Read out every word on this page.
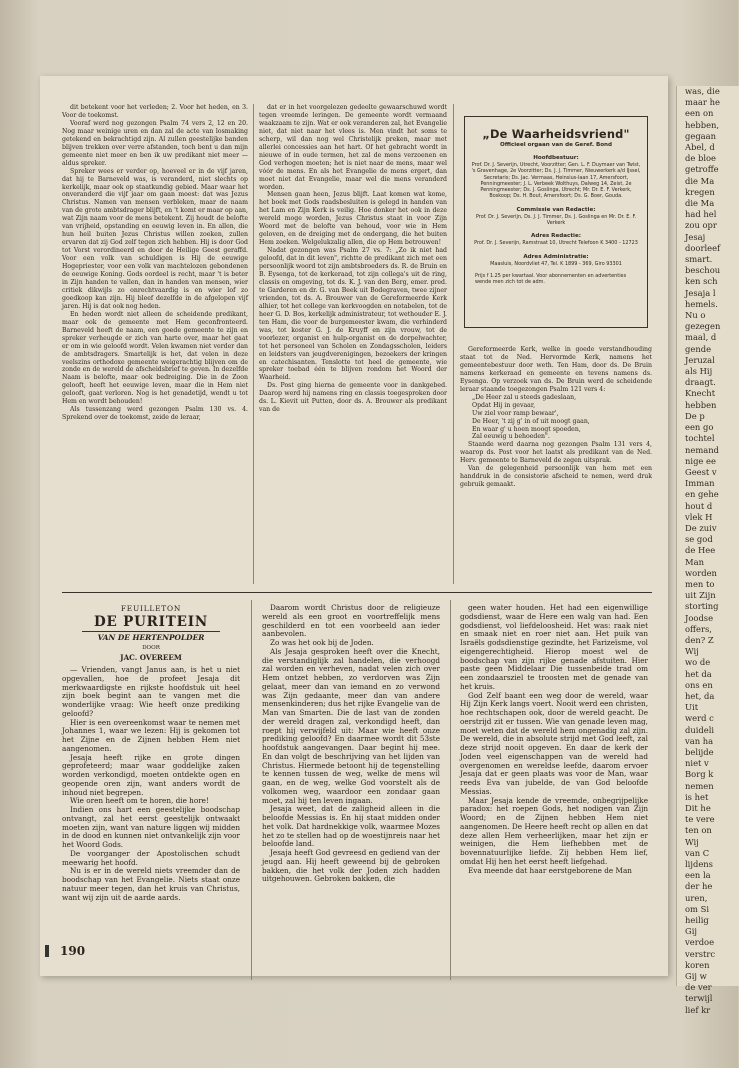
was, die
maar he
een on
hebben,
gegaan
Abel, d
de bloe
getroffe
die Ma
kregen
die Ma
had hel
zou opr
Jesaj
doorleef
smart.
beschou
ken sch
Jesaja l
hemels.
Nu o
gezegen
maal, d
gende
Jeruzal
als Hij
draagt.
Knecht
hebben
De p
een go
tochtel
nemand
nige ee
Geest v
Imman
en gehe
hout d
vlek H
De zuiv
se god
de Hee
Man
worden
men to
uit Zijn
storting
Joodse
offers,
den? Z
Wij
wo de
het da
ons en
het, da
Uit
werd c
duideli
van ha
belijde
niet v
Borg k
nemen
is het
Dit he
te vere
ten on
Wij
van C
lijdens
een la
der he
uren,
om Si
heilig
Gij
verdoe
verstrc
koren
Gij w
de ver
terwijl
lief kr

dit betekent voor het verleden; 2. Voor het heden, en 3. Voor de toekomst.

Vooraf werd nog gezongen Psalm 74 vers 2, 12 en 20. Nog maar weinige uren en dan zal de acte van losmaking getekend en bekrachtigd zijn. Al zullen geestelijke banden blijven trekken over verre afstanden, toch bent u dan mijn gemeente niet meer en ben ik uw predikant niet meer — aldus spreker.

Spreker wees er verder op, hoeveel er in de vijf jaren, dat hij te Barneveld was, is veranderd, niet slechts op kerkelijk, maar ook op staatkundig gebied. Maar waar het onveranderd die vijf jaar om gaan moest: dat was Jezus Christus. Namen van mensen verbleken, maar de naam van de grote ambtsdrager blijft, en 't komt er maar op aan, wat Zijn naam voor de mens betekent. Zij houdt de belofte van vrijheid, opstanding en eeuwig leven in. En allen, die hun heil buiten Jezus Christus willen zoeken, zullen ervaren dat zij God zelf tegen zich hebben. Hij is door God tot Vorst verordineerd en door de Heilige Geest geraffd. Voor een volk van schuldigen is Hij de eeuwige Hogepriester, voor een volk van machtelozen gebondenen de eeuwige Koning. Gods oordeel is recht, maar 't is beter in Zijn handen te vallen, dan in handen van mensen, wier critiek dikwijls zo onrechtvaardig is en wier lof zo goedkoop kan zijn. Hij bleef dezelfde in de afgelopen vijf jaren. Hij is dat ook nog heden.

En heden wordt niet alleen de scheidende predikant, maar ook de gemeente met Hem geconfronteerd. Barneveld heeft de naam, een goede gemeente te zijn en spreker verheugde er zich van harte over, maar het gaat er om in wie geloofd wordt. Velen kwamen niet verder dan de ambtsdragers. Smartelijk is het, dat velen in deze veelszins orthodoxe gemeente weigerachtig blijven om de zonde en de wereld de afscheidsbrief te geven. In dezelfde Naam is belofte, maar ook bedreiging. Die in de Zoon gelooft, heeft het eeuwige leven, maar die in Hem niet gelooft, gaat verloren. Nog is het genadetijd, wendt u tot Hem en wordt behouden!

Als tussenzang werd gezongen Psalm 130 vs. 4. Sprekend over de toekomst, zeide de leraar,

dat er in het voorgelezen gedeelte gewaarschuwd wordt tegen vreemde leringen. De gemeente wordt vermaand waakzaam te zijn. Wat er ook veranderen zal, het Evangelie niet, dat niet naar het vlees is. Men vindt het soms te scherp, wil dan nog wel Christelijk preken, maar met allerlei concessies aan het hart. Of het gebracht wordt in nieuwe of in oude termen, het zal de mens verzoenen en God verhogen moeten; het is niet naar de mens, maar wel vóór de mens. En als het Evangelie de mens ergert, dan moet niet dat Evangelie, maar wel die mens veranderd worden.

Mensen gaan heen, Jezus blijft. Laat komen wat kome, het boek met Gods raadsbesluiten is gelegd in handen van het Lam en Zijn Kerk is veilig. Hoe donker het ook in deze wereld moge worden, Jezus Christus staat in voor Zijn Woord met de belofte van behoud, voor wie in Hem geloven, en de dreiging met de ondergang, die het buiten Hem zoeken. Welgelukzalig allen, die op Hem betrouwen!

Nadat gezongen was Psalm 27 vs. 7: „Zo ik niet had geloofd, dat in dit leven", richtte de predikant zich met een persoonlijk woord tot zijn ambtsbroeders ds. R. de Bruin en B. Eysenga, tot de kerkeraad, tot zijn collega's uit de ring, classis en omgeving, tot ds. K. J. van den Berg, emer. pred. te Garderen en dr. G. van Beek uit Bodegraven, twee zijner vrienden, tot ds. A. Brouwer van de Gereformeerde Kerk alhier, tot het college van kerkvoogden en notabelen, tot de heer G. D. Bos, kerkelijk administrateur, tot wethouder E. J. ten Ham, die voor de burgemeester kwam, die verhinderd was, tot koster G. J. de Kruyff en zijn vrouw, tot de voorlezer, organist en hulp-organist en de dorpelwachter, tot het personeel van Scholen en Zondagsscholen, leiders en leidsters van jeugdverenigingen, bezoekers der kringen en catechisanten. Tenslotte tot heel de gemeente, wie spreker toebad één te blijven rondom het Woord der Waarheid.

Ds. Post ging hierna de gemeente voor in dankgebed. Daarop werd hij namens ring en classis toegesproken door ds. L. Kievit uit Putten, door ds. A. Brouwer als predikant van de

„De Waarheidsvriend"
Officieel orgaan van de Geref. Bond
Hoofdbestuur:
Prof. Dr. J. Severijn, Utrecht, Voorzitter; Gen. L. F. Duymaer van Twist, 's Gravenhage, 2e Voorzitter; Ds. J. J. Timmer, Nieuwerkerk a/d IJssel, Secretaris; Ds. Jac. Vermaas, Heinsius-laan 17, Amersfoort, Penningmeester; J. L. Verbeek Wolthuys, Dalweg 14, Zeist, 2e Penningmeester; Ds. J. Goslinga, Utrecht; Mr. Dr. E. F. Verkerk, Boskoop; Ds. H. Bout, Amersfoort; Ds. G. Boer, Gouda.
Commissie van Redactie:
Prof. Dr. J. Severijn, Ds. J. J. Timmer, Ds. J. Goslinga en Mr. Dr. E. F. Verkerk
Adres Redactie:
Prof. Dr. J. Severijn, Ramstraat 10, Utrecht Telefoon K 3400 - 12723
Adres Administratie:
Maasluis, Noordvliet 47, Tel. K 1899 - 369, Giro 93301
Prijs f 1.25 per kwartaal. Voor abonnementen en advertenties wende men zich tot de adm.

Gereformeerde Kerk, welke in goede verstandhouding staat tot de Ned. Hervormde Kerk, namens het gemeentebestuur door weth. Ten Ham, door ds. De Bruin namens kerkeraad en gemeente en tevens namens ds. Eysenga. Op verzoek van ds. De Bruin werd de scheidende leraar staande toegezongen Psalm 121 vers 4:

„De Heer zal u steeds gadeslaan,

Opdat Hij in gevaar,

Uw ziel voor ramp bewaar',

De Heer, 't zij g' in of uit moogt gaan,

En waar g' u hoen moogt spoeden,

Zal eeuwig u behoeden".

Staande werd daarna nog gezongen Psalm 131 vers 4, waarop ds. Post voor het laatst als predikant van de Ned. Herv. gemeente te Barneveld de zegen uitsprak.

Van de gelegenheid persoonlijk van hem met een handdruk in de consistorie afscheid te nemen, werd druk gebruik gemaakt.

FEUILLETON
DE PURITEIN
VAN DE HERTENPOLDER
DOOR
JAC. OVEREEM

— Vrienden, vangt Janus aan, is het u niet opgevallen, hoe de profeet Jesaja dit merkwaardigste en rijkste hoofdstuk uit heel zijn boek begint aan te vangen met die wonderlijke vraag: Wie heeft onze prediking geloofd?

Hier is een overeenkomst waar te nemen met Johannes 1, waar we lezen: Hij is gekomen tot het Zijne en de Zijnen hebben Hem niet aangenomen.

Jesaja heeft rijke en grote dingen geprofeteerd; maar waar goddelijke zaken worden verkondigd, moeten ontdekte ogen en geopende oren zijn, want anders wordt de inhoud niet begrepen.

Wie oren heeft om te horen, die hore!

Indien ons hart een geestelijke boodschap ontvangt, zal het eerst geestelijk ontwaakt moeten zijn, want van nature liggen wij midden in de dood en kunnen niet ontvankelijk zijn voor het Woord Gods.

De voorganger der Apostolischen schudt meewarig het hoofd.

Nu is er in de wereld niets vreemder dan de boodschap van het Evangelie. Niets staat onze natuur meer tegen, dan het kruis van Christus, want wij zijn uit de aarde aards.

Daarom wordt Christus door de religieuze wereld als een groot en voortreffelijk mens geschilderd en tot een voorbeeld aan ieder aanbevolen.

Zo was het ook bij de Joden.

Als Jesaja gesproken heeft over die Knecht, die verstandiglijk zal handelen, die verhoogd zal worden en verheven, nadat velen zich over Hem ontzet hebben, zo verdorven was Zijn gelaat, meer dan van iemand en zo verwond was Zijn gedaante, meer dan van andere mensenkinderen; dus het rijke Evangelie van de Man van Smarten. Die de last van de zonden der wereld dragen zal, verkondigd heeft, dan roept hij verwijfeld uit: Maar wie heeft onze prediking geloofd? En daarmee wordt dit 53ste hoofdstuk aangevangen. Daar begint hij mee. En dan volgt de beschrijving van het lijden van Christus. Hiermede betoont hij de tegenstelling te kennen tussen de weg, welke de mens wil gaan, en de weg, welke God voorstelt als de volkomen weg, waardoor een zondaar gaan moet, zal hij ten leven ingaan.

Jesaja weet, dat de zaligheid alleen in die beloofde Messias is. En hij staat midden onder het volk. Dat hardnekkige volk, waarmee Mozes het zo te stellen had op de woestijnreis naar het beloofde land.

Jesaja heeft God gevreesd en gediend van der jeugd aan. Hij heeft geweend bij de gebroken bakken, die het volk der Joden zich hadden uitgehouwen. Gebroken bakken, die

geen water houden. Het had een eigenwillige godsdienst, waar de Here een walg van had. Een godsdienst, vol liefdeloosheid. Het was: raak niet en smaak niet en roer niet aan. Het puik van Israëls godsdienstige gezindte, het Farizeïsme, vol eigengerechtigheid. Hierop moest wel de boodschap van zijn rijke genade afstuiten. Hier paste geen Middelaar Die tussenbeide trad om een zondaarsziel te troosten met de genade van het kruis.

God Zelf baant een weg door de wereld, waar Hij Zijn Kerk langs voert. Nooit werd een christen, hoe rechtschapen ook, door de wereld geacht. De oerstrijd zit er tussen. Wie van genade leven mag, moet weten dat de wereld hem ongenadig zal zijn. De wereld, die in absolute strijd met God leeft, zal deze strijd nooit opgeven. En daar de kerk der Joden veel eigenschappen van de wereld had overgenomen en wereldse leefde, daarom ervoer Jesaja dat er geen plaats was voor de Man, waar reeds Eva van jubelde, de van God beloofde Messias.

Maar Jesaja kende de vreemde, onbegrijpelijke paradox: het roepen Gods, het nodigen van Zijn Woord; en de Zijnen hebben Hem niet aangenomen. De Heere heeft recht op allen en dat deze allen Hem verheerlijken, maar het zijn er weinigen, die Hem liefhebben met de bovennatuurlijke liefde. Zij hebben Hem lief, omdat Hij hen het eerst heeft liefgehad.

Eva meende dat haar eerstgeborene de Man

190
